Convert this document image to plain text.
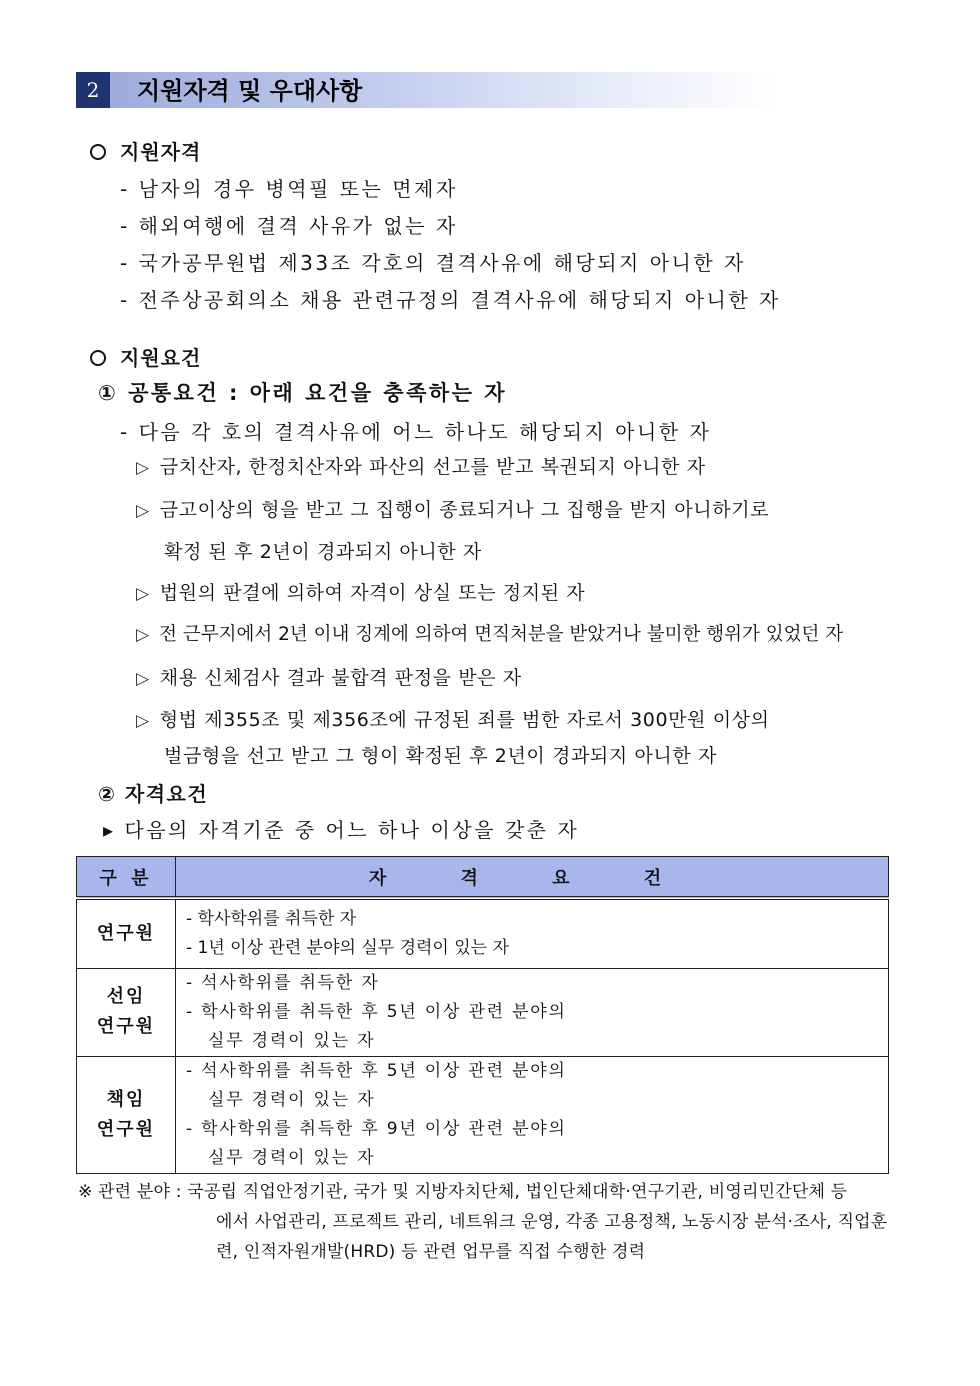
2	지원자격 및 우대사항
지원자격
- 남자의 경우 병역필 또는 면제자
- 해외여행에 결격 사유가 없는 자
- 국가공무원법 제33조 각호의 결격사유에 해당되지 아니한 자
- 전주상공회의소 채용 관련규정의 결격사유에 해당되지 아니한 자
지원요건
① 공통요건 : 아래 요건을 충족하는 자
- 다음 각 호의 결격사유에 어느 하나도 해당되지 아니한 자
▷ 금치산자, 한정치산자와 파산의 선고를 받고 복권되지 아니한 자
▷ 금고이상의 형을 받고 그 집행이 종료되거나 그 집행을 받지 아니하기로
확정 된 후 2년이 경과되지 아니한 자
▷ 법원의 판결에 의하여 자격이 상실 또는 정지된 자
▷ 전 근무지에서 2년 이내 징계에 의하여 면직처분을 받았거나 불미한 행위가 있었던 자
▷ 채용 신체검사 결과 불합격 판정을 받은 자
▷ 형법 제355조 및 제356조에 규정된 죄를 범한 자로서 300만원 이상의
벌금형을 선고 받고 그 형이 확정된 후 2년이 경과되지 아니한 자
② 자격요건
▸ 다음의 자격기준 중 어느 하나 이상을 갖춘 자
구 분	자 격 요 건
연구원	- 학사학위를 취득한 자
- 1년 이상 관련 분야의 실무 경력이 있는 자

선임
연구원	- 석사학위를 취득한 자
- 학사학위를 취득한 후 5년 이상 관련 분야의
실무 경력이 있는 자

책임
연구원	- 석사학위를 취득한 후 5년 이상 관련 분야의
실무 경력이 있는 자
- 학사학위를 취득한 후 9년 이상 관련 분야의
실무 경력이 있는 자
※ 관련 분야 : 국공립 직업안정기관, 국가 및 지방자치단체, 법인단체대학·연구기관, 비영리민간단체 등
에서 사업관리, 프로젝트 관리, 네트워크 운영, 각종 고용정책, 노동시장 분석·조사, 직업훈
련, 인적자원개발(HRD) 등 관련 업무를 직접 수행한 경력
